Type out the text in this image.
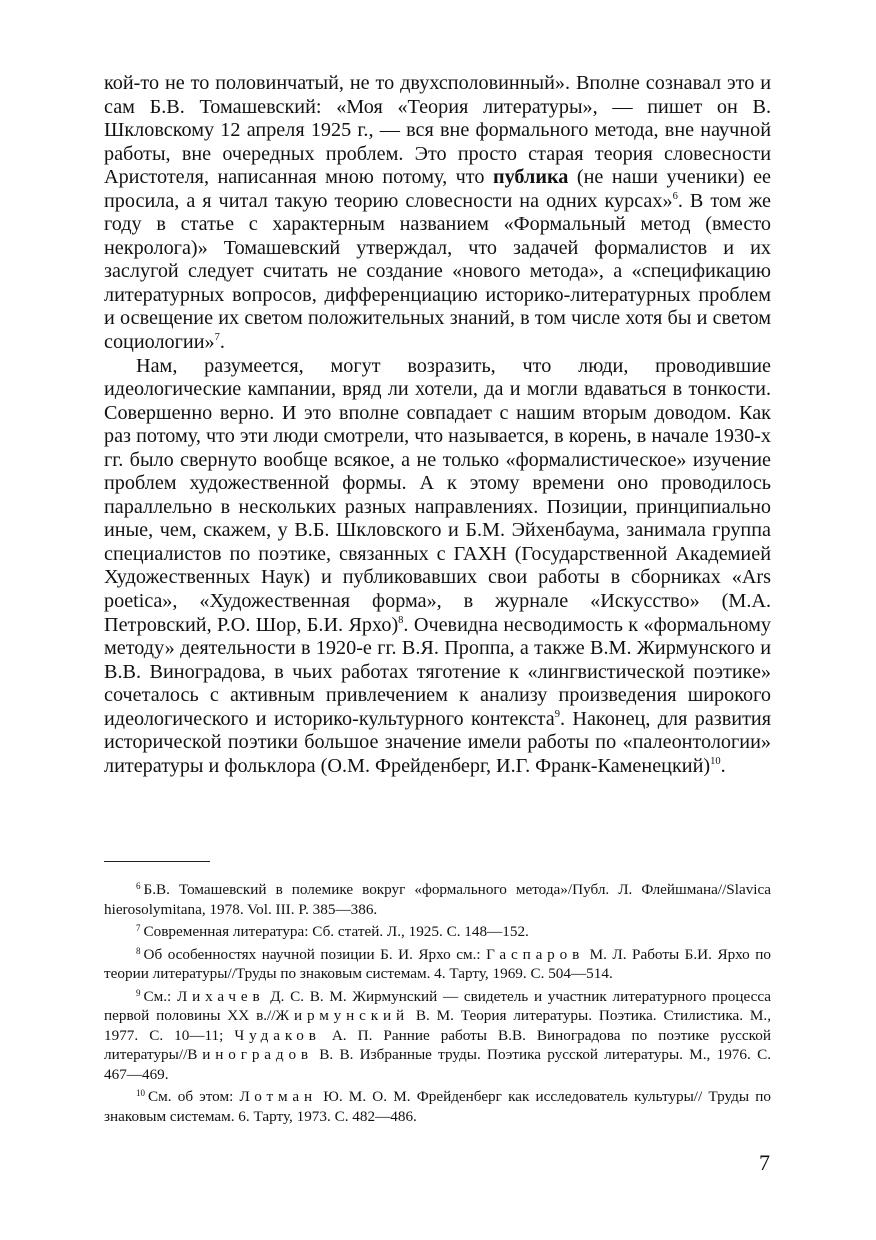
кой-то не то половинчатый, не то двухсполовинный». Вполне сознавал это и сам Б.В. Томашевский: «Моя «Теория литературы», — пишет он В. Шкловскому 12 апреля 1925 г., — вся вне формального метода, вне научной работы, вне очередных проблем. Это просто старая теория словесности Аристотеля, написанная мною потому, что публика (не наши ученики) ее просила, а я читал такую теорию словесности на одних курсах»$^6$. В том же году в статье с характерным названием «Формальный метод (вместо некролога)» Томашевский утверждал, что задачей формалистов и их заслугой следует считать не создание «нового метода», а «спецификацию литературных вопросов, дифференциацию историко-литературных проблем и освещение их светом положительных знаний, в том числе хотя бы и светом социологии»$^7$.

Нам, разумеется, могут возразить, что люди, проводившие идеологические кампании, вряд ли хотели, да и могли вдаваться в тонкости. Совершенно верно. И это вполне совпадает с нашим вторым доводом. Как раз потому, что эти люди смотрели, что называется, в корень, в начале 1930-х гг. было свернуто вообще всякое, а не только «формалистическое» изучение проблем художественной формы. А к этому времени оно проводилось параллельно в нескольких разных направлениях. Позиции, принципиально иные, чем, скажем, у В.Б. Шкловского и Б.М. Эйхенбаума, занимала группа специалистов по поэтике, связанных с ГАХН (Государственной Академией Художественных Наук) и публиковавших свои работы в сборниках «Ars poetica», «Художественная форма», в журнале «Искусство» (М.А. Петровский, Р.О. Шор, Б.И. Ярхо)$^8$. Очевидна несводимость к «формальному методу» деятельности в 1920-е гг. В.Я. Проппа, а также В.М. Жирмунского и В.В. Виноградова, в чьих работах тяготение к «лингвистической поэтике» сочеталось с активным привлечением к анализу произведения широкого идеологического и историко-культурного контекста$^9$. Наконец, для развития исторической поэтики большое значение имели работы по «палеонтологии» литературы и фольклора (О.М. Фрейденберг, И.Г. Франк-Каменецкий)$^{10}$.

$^6$ Б.В. Томашевский в полемике вокруг «формального метода»/Публ. Л. Флейшмана//Slavica hierosolymitana, 1978. Vol. III. P. 385—386.

$^7$ Современная литература: Сб. статей. Л., 1925. С. 148—152.

$^8$ Об особенностях научной позиции Б. И. Ярхо см.: Гаспаров М. Л. Работы Б.И. Ярхо по теории литературы//Труды по знаковым системам. 4. Тарту, 1969. С. 504—514.

$^9$ См.: Лихачев Д. С. В. М. Жирмунский — свидетель и участник литературного процесса первой половины XX в.//Жирмунский В. М. Теория литературы. Поэтика. Стилистика. М., 1977. С. 10—11; Чудаков А. П. Ранние работы В.В. Виноградова по поэтике русской литературы//Виноградов В. В. Избранные труды. Поэтика русской литературы. М., 1976. С. 467—469.

$^{10}$ См. об этом: Лотман Ю. М. О. М. Фрейденберг как исследователь культуры// Труды по знаковым системам. 6. Тарту, 1973. С. 482—486.

7
